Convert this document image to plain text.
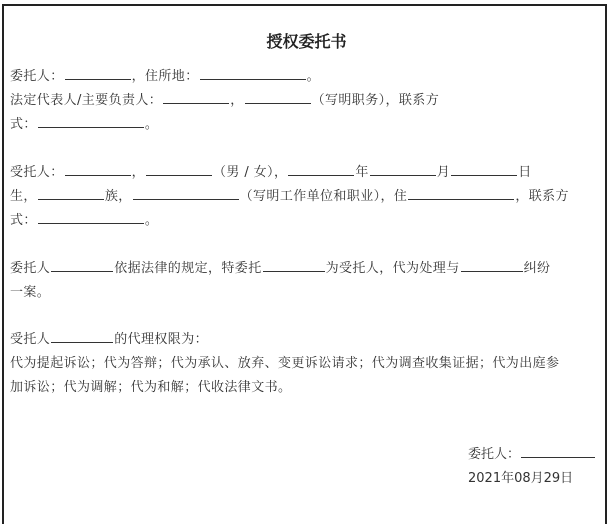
授权委托书
委托人：	，住所地：	。
法定代表人/主要负责人：	，	（写明职务），联系方
式：	。
受托人：	，	（男 / 女），	年	月	日
生，	族，	（写明工作单位和职业），住	，联系方
式：	。
委托人	依据法律的规定，特委托	为受托人，代为处理与	纠纷
一案。
受托人	的代理权限为：
代为提起诉讼；代为答辩；代为承认、放弃、变更诉讼请求；代为调查收集证据；代为出庭参
加诉讼；代为调解；代为和解；代收法律文书。
委托人：
2021年08月29日
